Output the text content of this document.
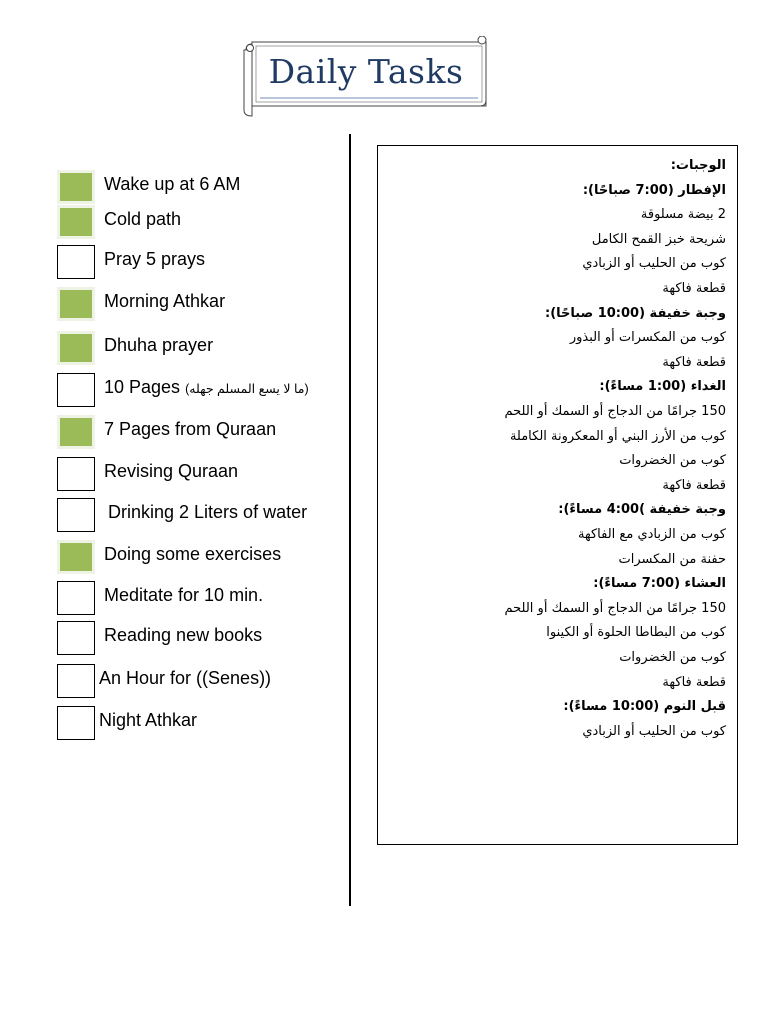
Daily Tasks
Wake up at 6 AM
Cold path
Pray 5 prays
Morning Athkar
Dhuha prayer
10 Pages (ما لا يسع المسلم جهله)
7 Pages from Quraan
Revising Quraan
Drinking 2 Liters of water
Doing some exercises
Meditate for 10 min.
Reading new books
An Hour for ((Senes))
Night Athkar
الوجبات:
الإفطار (7:00 صباحًا):
2 بيضة مسلوقة
شريحة خبز القمح الكامل
كوب من الحليب أو الزبادي
قطعة فاكهة
وجبة خفيفة (10:00 صباحًا):
كوب من المكسرات أو البذور
قطعة فاكهة
الغداء (1:00 مساءً):
150 جرامًا من الدجاج أو السمك أو اللحم
كوب من الأرز البني أو المعكرونة الكاملة
كوب من الخضروات
قطعة فاكهة
وجبة خفيفة )4:00 مساءً):
كوب من الزبادي مع الفاكهة
حفنة من المكسرات
العشاء (7:00 مساءً):
150 جرامًا من الدجاج أو السمك أو اللحم
كوب من البطاطا الحلوة أو الكينوا
كوب من الخضروات
قطعة فاكهة
قبل النوم (10:00 مساءً):
كوب من الحليب أو الزبادي
